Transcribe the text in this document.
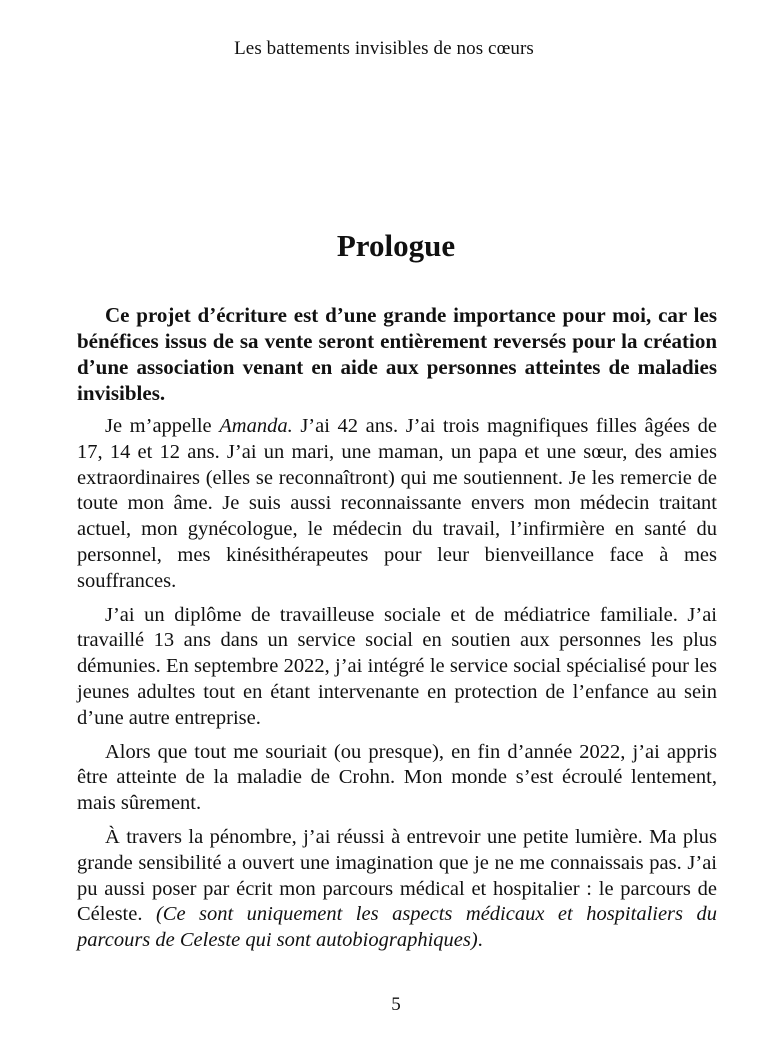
Les battements invisibles de nos cœurs
Prologue

Ce projet d’écriture est d’une grande importance pour moi, car les bénéfices issus de sa vente seront entièrement reversés pour la création d’une association venant en aide aux personnes atteintes de maladies invisibles.

Je m’appelle Amanda. J’ai 42 ans. J’ai trois magnifiques filles âgées de 17, 14 et 12 ans. J’ai un mari, une maman, un papa et une sœur, des amies extraordinaires (elles se reconnaîtront) qui me soutiennent. Je les remercie de toute mon âme. Je suis aussi reconnaissante envers mon médecin traitant actuel, mon gynécologue, le médecin du travail, l’infirmière en santé du personnel, mes kinésithérapeutes pour leur bienveillance face à mes souffrances.

J’ai un diplôme de travailleuse sociale et de médiatrice familiale. J’ai travaillé 13 ans dans un service social en soutien aux personnes les plus démunies. En septembre 2022, j’ai intégré le service social spécialisé pour les jeunes adultes tout en étant intervenante en protection de l’enfance au sein d’une autre entreprise.

Alors que tout me souriait (ou presque), en fin d’année 2022, j’ai appris être atteinte de la maladie de Crohn. Mon monde s’est écroulé lentement, mais sûrement.

À travers la pénombre, j’ai réussi à entrevoir une petite lumière. Ma plus grande sensibilité a ouvert une imagination que je ne me connaissais pas. J’ai pu aussi poser par écrit mon parcours médical et hospitalier : le parcours de Céleste. (Ce sont uniquement les aspects médicaux et hospitaliers du parcours de Celeste qui sont autobiographiques).

5
